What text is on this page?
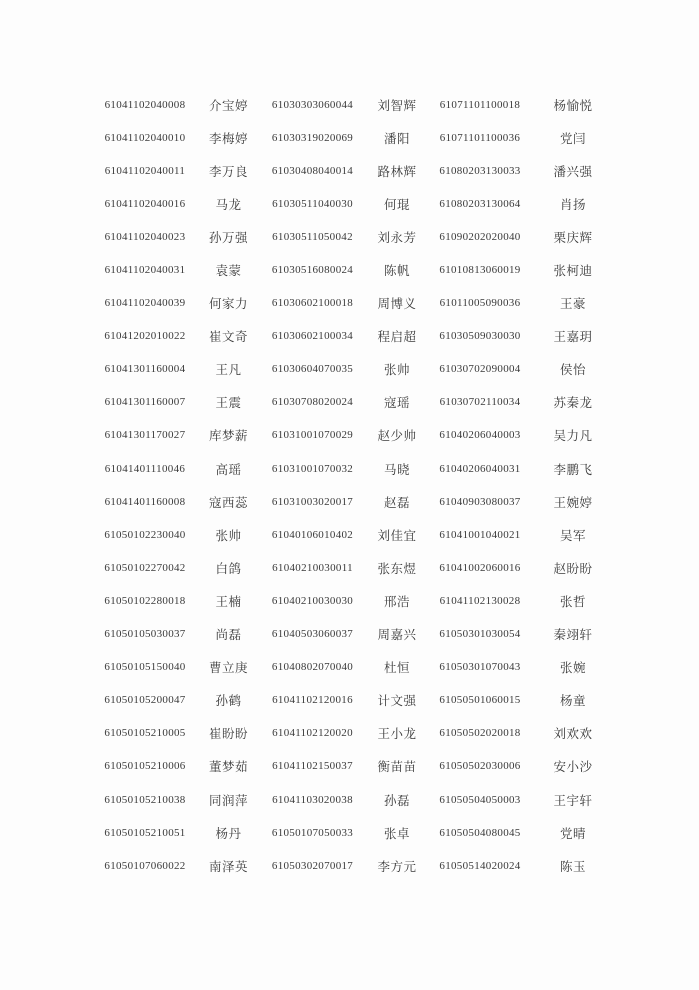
61041102040008	介宝婷	61030303060044	刘智辉	61071101100018	杨愉悦
61041102040010	李梅婷	61030319020069	潘阳	61071101100036	党闫
61041102040011	李万良	61030408040014	路林辉	61080203130033	潘兴强
61041102040016	马龙	61030511040030	何琨	61080203130064	肖扬
61041102040023	孙万强	61030511050042	刘永芳	61090202020040	栗庆辉
61041102040031	袁蒙	61030516080024	陈帆	61010813060019	张柯迪
61041102040039	何家力	61030602100018	周博义	61011005090036	王豪
61041202010022	崔文奇	61030602100034	程启超	61030509030030	王嘉玥
61041301160004	王凡	61030604070035	张帅	61030702090004	侯怡
61041301160007	王震	61030708020024	寇瑶	61030702110034	苏秦龙
61041301170027	库梦薪	61031001070029	赵少帅	61040206040003	吴力凡
61041401110046	高瑶	61031001070032	马晓	61040206040031	李鹏飞
61041401160008	寇西蕊	61031003020017	赵磊	61040903080037	王婉婷
61050102230040	张帅	61040106010402	刘佳宜	61041001040021	吴军
61050102270042	白鸽	61040210030011	张东煜	61041002060016	赵盼盼
61050102280018	王楠	61040210030030	邢浩	61041102130028	张哲
61050105030037	尚磊	61040503060037	周嘉兴	61050301030054	秦翊轩
61050105150040	曹立庚	61040802070040	杜恒	61050301070043	张婉
61050105200047	孙鹤	61041102120016	计文强	61050501060015	杨童
61050105210005	崔盼盼	61041102120020	王小龙	61050502020018	刘欢欢
61050105210006	董梦茹	61041102150037	衡苗苗	61050502030006	安小沙
61050105210038	同润萍	61041103020038	孙磊	61050504050003	王宇轩
61050105210051	杨丹	61050107050033	张卓	61050504080045	党晴
61050107060022	南泽英	61050302070017	李方元	61050514020024	陈玉
